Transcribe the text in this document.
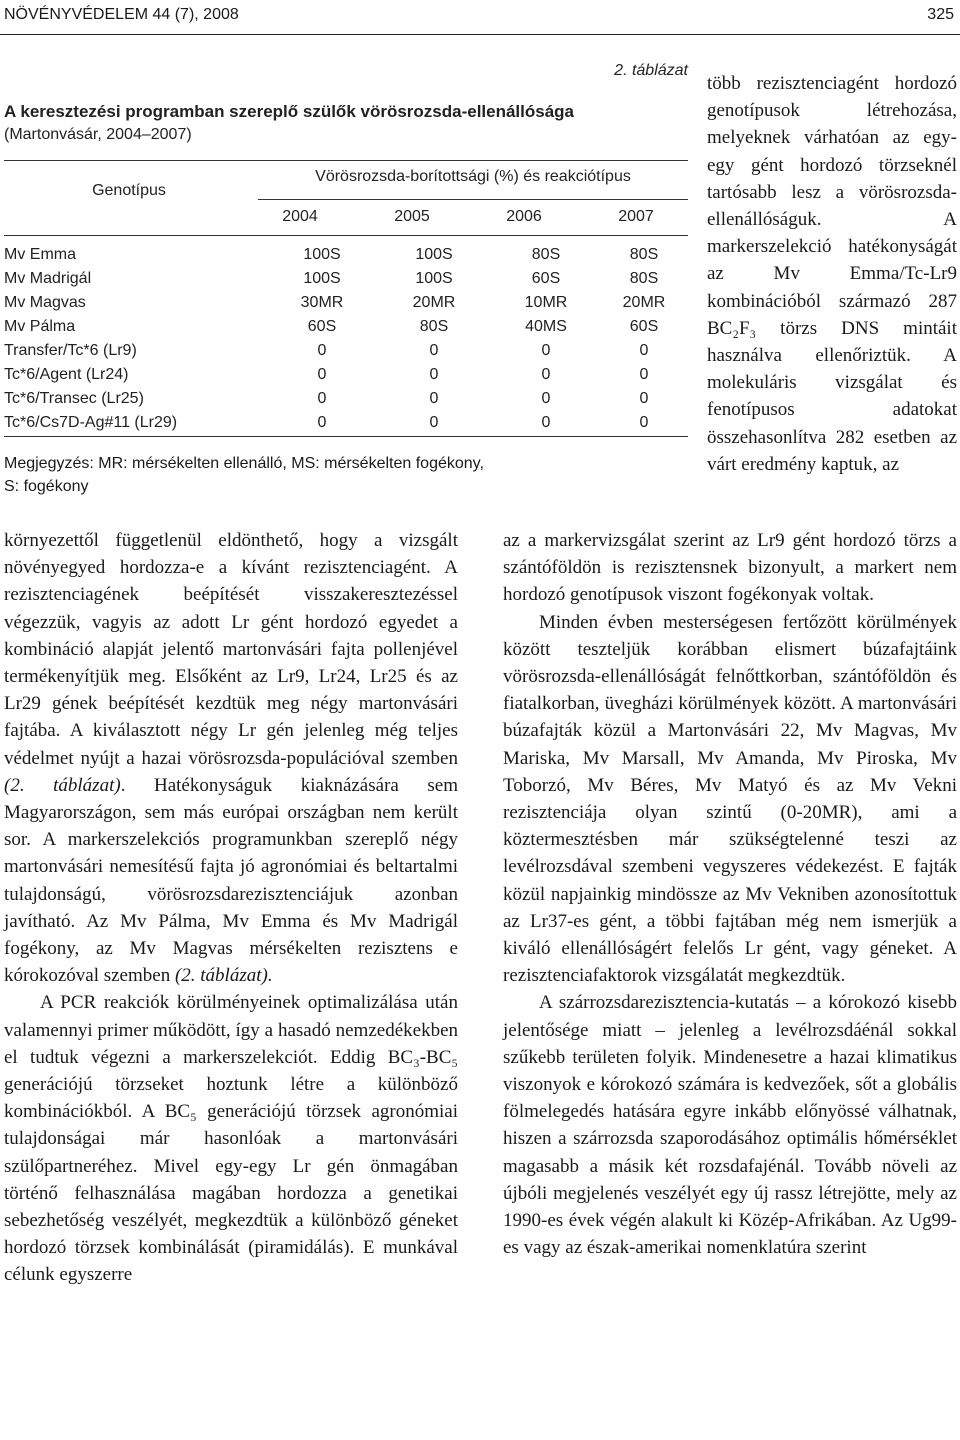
NÖVÉNYVÉDELEM 44 (7), 2008	325
2. táblázat
A keresztezési programban szereplő szülők vörösrozsda-ellenállósága
(Martonvásár, 2004–2007)
Genotípus
Vörösrozsda-borítottsági (%) és reakciótípus
2004	2005	2006	2007
Mv Emma	100S	100S	80S	80S
Mv Madrigál	100S	100S	60S	80S
Mv Magvas	30MR	20MR	10MR	20MR
Mv Pálma	60S	80S	40MS	60S
Transfer/Tc*6 (Lr9)	0	0	0	0
Tc*6/Agent (Lr24)	0	0	0	0
Tc*6/Transec (Lr25)	0	0	0	0
Tc*6/Cs7D-Ag#11 (Lr29)	0	0	0	0
Megjegyzés: MR: mérsékelten ellenálló, MS: mérsékelten fogékony,
S: fogékony

több rezisztenciagént hordozó genotípusok létrehozása, melyeknek várhatóan az egy-egy gént hordozó törzseknél tartósabb lesz a vörösrozsda-ellenállóságuk. A markerszelekció hatékonyságát az Mv Emma/Tc-Lr9 kombinációból származó 287 BC₂F₃ törzs DNS mintáit használva ellenőriztük. A molekuláris vizsgálat és fenotípusos adatokat összehasonlítva 282 esetben az várt eredmény kaptuk, az

környezettől függetlenül eldönthető, hogy a vizsgált növényegyed hordozza-e a kívánt rezisztenciagént. A rezisztenciagének beépítését visszakeresztezéssel végezzük, vagyis az adott Lr gént hordozó egyedet a kombináció alapját jelentő martonvásári fajta pollenjével termékenyítjük meg. Elsőként az Lr9, Lr24, Lr25 és az Lr29 gének beépítését kezdtük meg négy martonvásári fajtába. A kiválasztott négy Lr gén jelenleg még teljes védelmet nyújt a hazai vörösrozsda-populációval szemben (2. táblázat). Hatékonyságuk kiaknázására sem Magyarországon, sem más európai országban nem került sor. A markerszelekciós programunkban szereplő négy martonvásári nemesítésű fajta jó agronómiai és beltartalmi tulajdonságú, vörösrozsdarezisztenciájuk azonban javítható. Az Mv Pálma, Mv Emma és Mv Madrigál fogékony, az Mv Magvas mérsékelten rezisztens e kórokozóval szemben (2. táblázat).

A PCR reakciók körülményeinek optimalizálása után valamennyi primer működött, így a hasadó nemzedékekben el tudtuk végezni a markerszelekciót. Eddig BC₃-BC₅ generációjú törzseket hoztunk létre a különböző kombinációkból. A BC₅ generációjú törzsek agronómiai tulajdonságai már hasonlóak a martonvásári szülőpartneréhez. Mivel egy-egy Lr gén önmagában történő felhasználása magában hordozza a genetikai sebezhetőség veszélyét, megkezdtük a különböző géneket hordozó törzsek kombinálását (piramidálás). E munkával célunk egyszerre

az a markervizsgálat szerint az Lr9 gént hordozó törzs a szántóföldön is rezisztensnek bizonyult, a markert nem hordozó genotípusok viszont fogékonyak voltak.

Minden évben mesterségesen fertőzött körülmények között teszteljük korábban elismert búzafajtáink vörösrozsda-ellenállóságát felnőttkorban, szántóföldön és fiatalkorban, üvegházi körülmények között. A martonvásári búzafajták közül a Martonvásári 22, Mv Magvas, Mv Mariska, Mv Marsall, Mv Amanda, Mv Piroska, Mv Toborzó, Mv Béres, Mv Matyó és az Mv Vekni rezisztenciája olyan szintű (0-20MR), ami a köztermesztésben már szükségtelenné teszi az levélrozsdával szembeni vegyszeres védekezést. E fajták közül napjainkig mindössze az Mv Vekniben azonosítottuk az Lr37-es gént, a többi fajtában még nem ismerjük a kiváló ellenállóságért felelős Lr gént, vagy géneket. A rezisztenciafaktorok vizsgálatát megkezdtük.

A szárrozsdarezisztencia-kutatás – a kórokozó kisebb jelentősége miatt – jelenleg a levélrozsdáénál sokkal szűkebb területen folyik. Mindenesetre a hazai klimatikus viszonyok e kórokozó számára is kedvezőek, sőt a globális fölmelegedés hatására egyre inkább előnyössé válhatnak, hiszen a szárrozsda szaporodásához optimális hőmérséklet magasabb a másik két rozsdafajénál. Tovább növeli az újbóli megjelenés veszélyét egy új rassz létrejötte, mely az 1990-es évek végén alakult ki Közép-Afrikában. Az Ug99-es vagy az észak-amerikai nomenklatúra szerint
